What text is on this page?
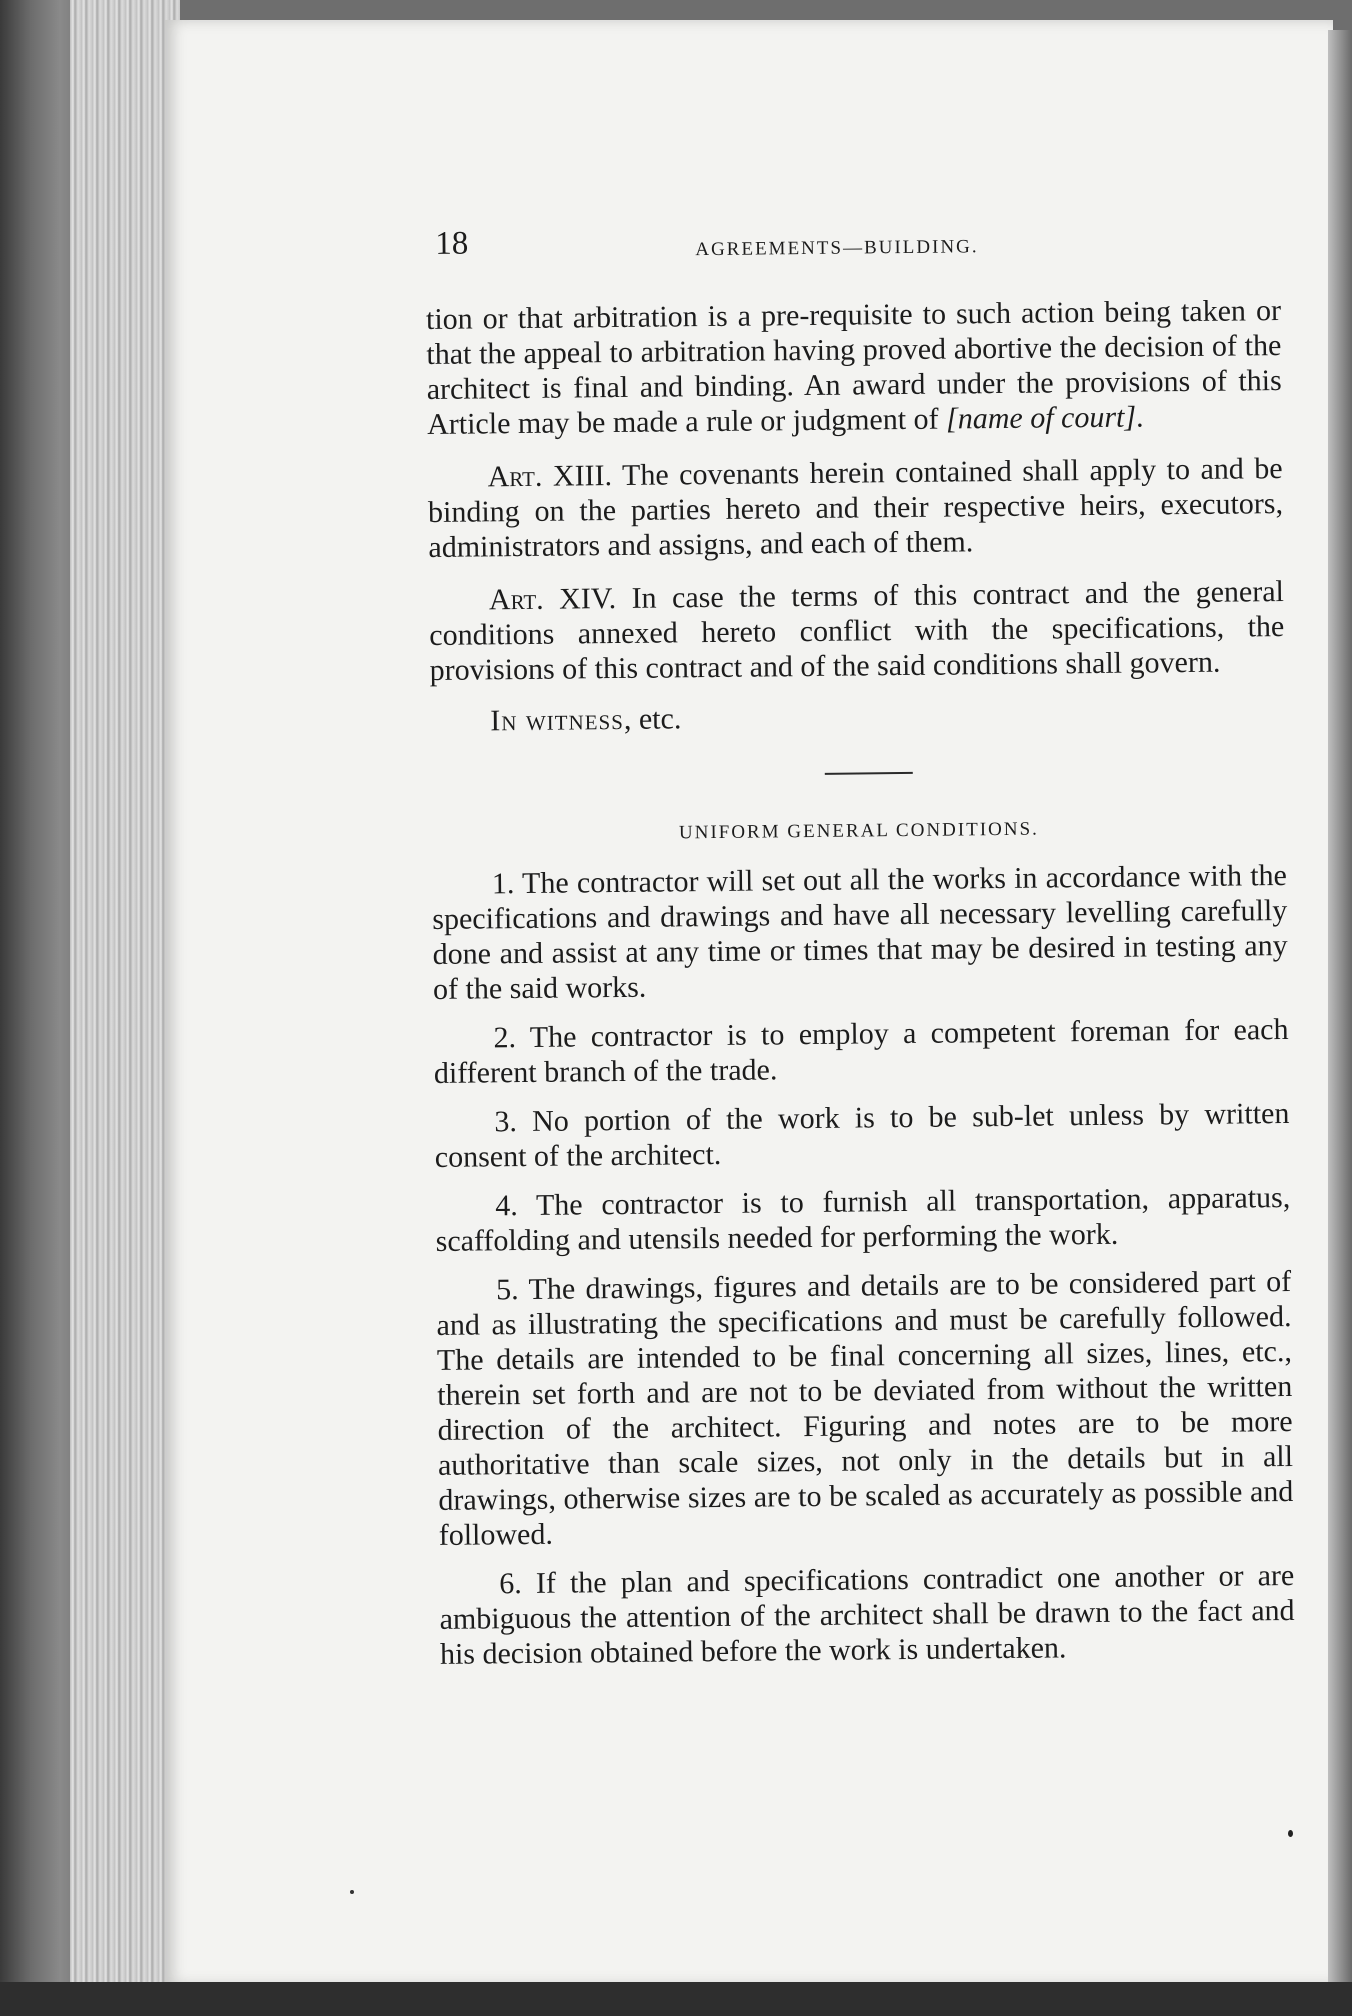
18	AGREEMENTS—BUILDING.

tion or that arbitration is a pre-requisite to such action being taken or that the appeal to arbitration having proved abortive the decision of the architect is final and binding. An award under the provisions of this Article may be made a rule or judgment of [name of court].

Art. XIII. The covenants herein contained shall apply to and be binding on the parties hereto and their respective heirs, executors, administrators and assigns, and each of them.

Art. XIV. In case the terms of this contract and the general conditions annexed hereto conflict with the specifications, the provisions of this contract and of the said conditions shall govern.

In witness, etc.

UNIFORM GENERAL CONDITIONS.

1. The contractor will set out all the works in accordance with the specifications and drawings and have all necessary levelling carefully done and assist at any time or times that may be desired in testing any of the said works.

2. The contractor is to employ a competent foreman for each different branch of the trade.

3. No portion of the work is to be sub-let unless by written consent of the architect.

4. The contractor is to furnish all transportation, apparatus, scaffolding and utensils needed for performing the work.

5. The drawings, figures and details are to be considered part of and as illustrating the specifications and must be carefully followed. The details are intended to be final concerning all sizes, lines, etc., therein set forth and are not to be deviated from without the written direction of the architect. Figuring and notes are to be more authoritative than scale sizes, not only in the details but in all drawings, otherwise sizes are to be scaled as accurately as possible and followed.

6. If the plan and specifications contradict one another or are ambiguous the attention of the architect shall be drawn to the fact and his decision obtained before the work is undertaken.
